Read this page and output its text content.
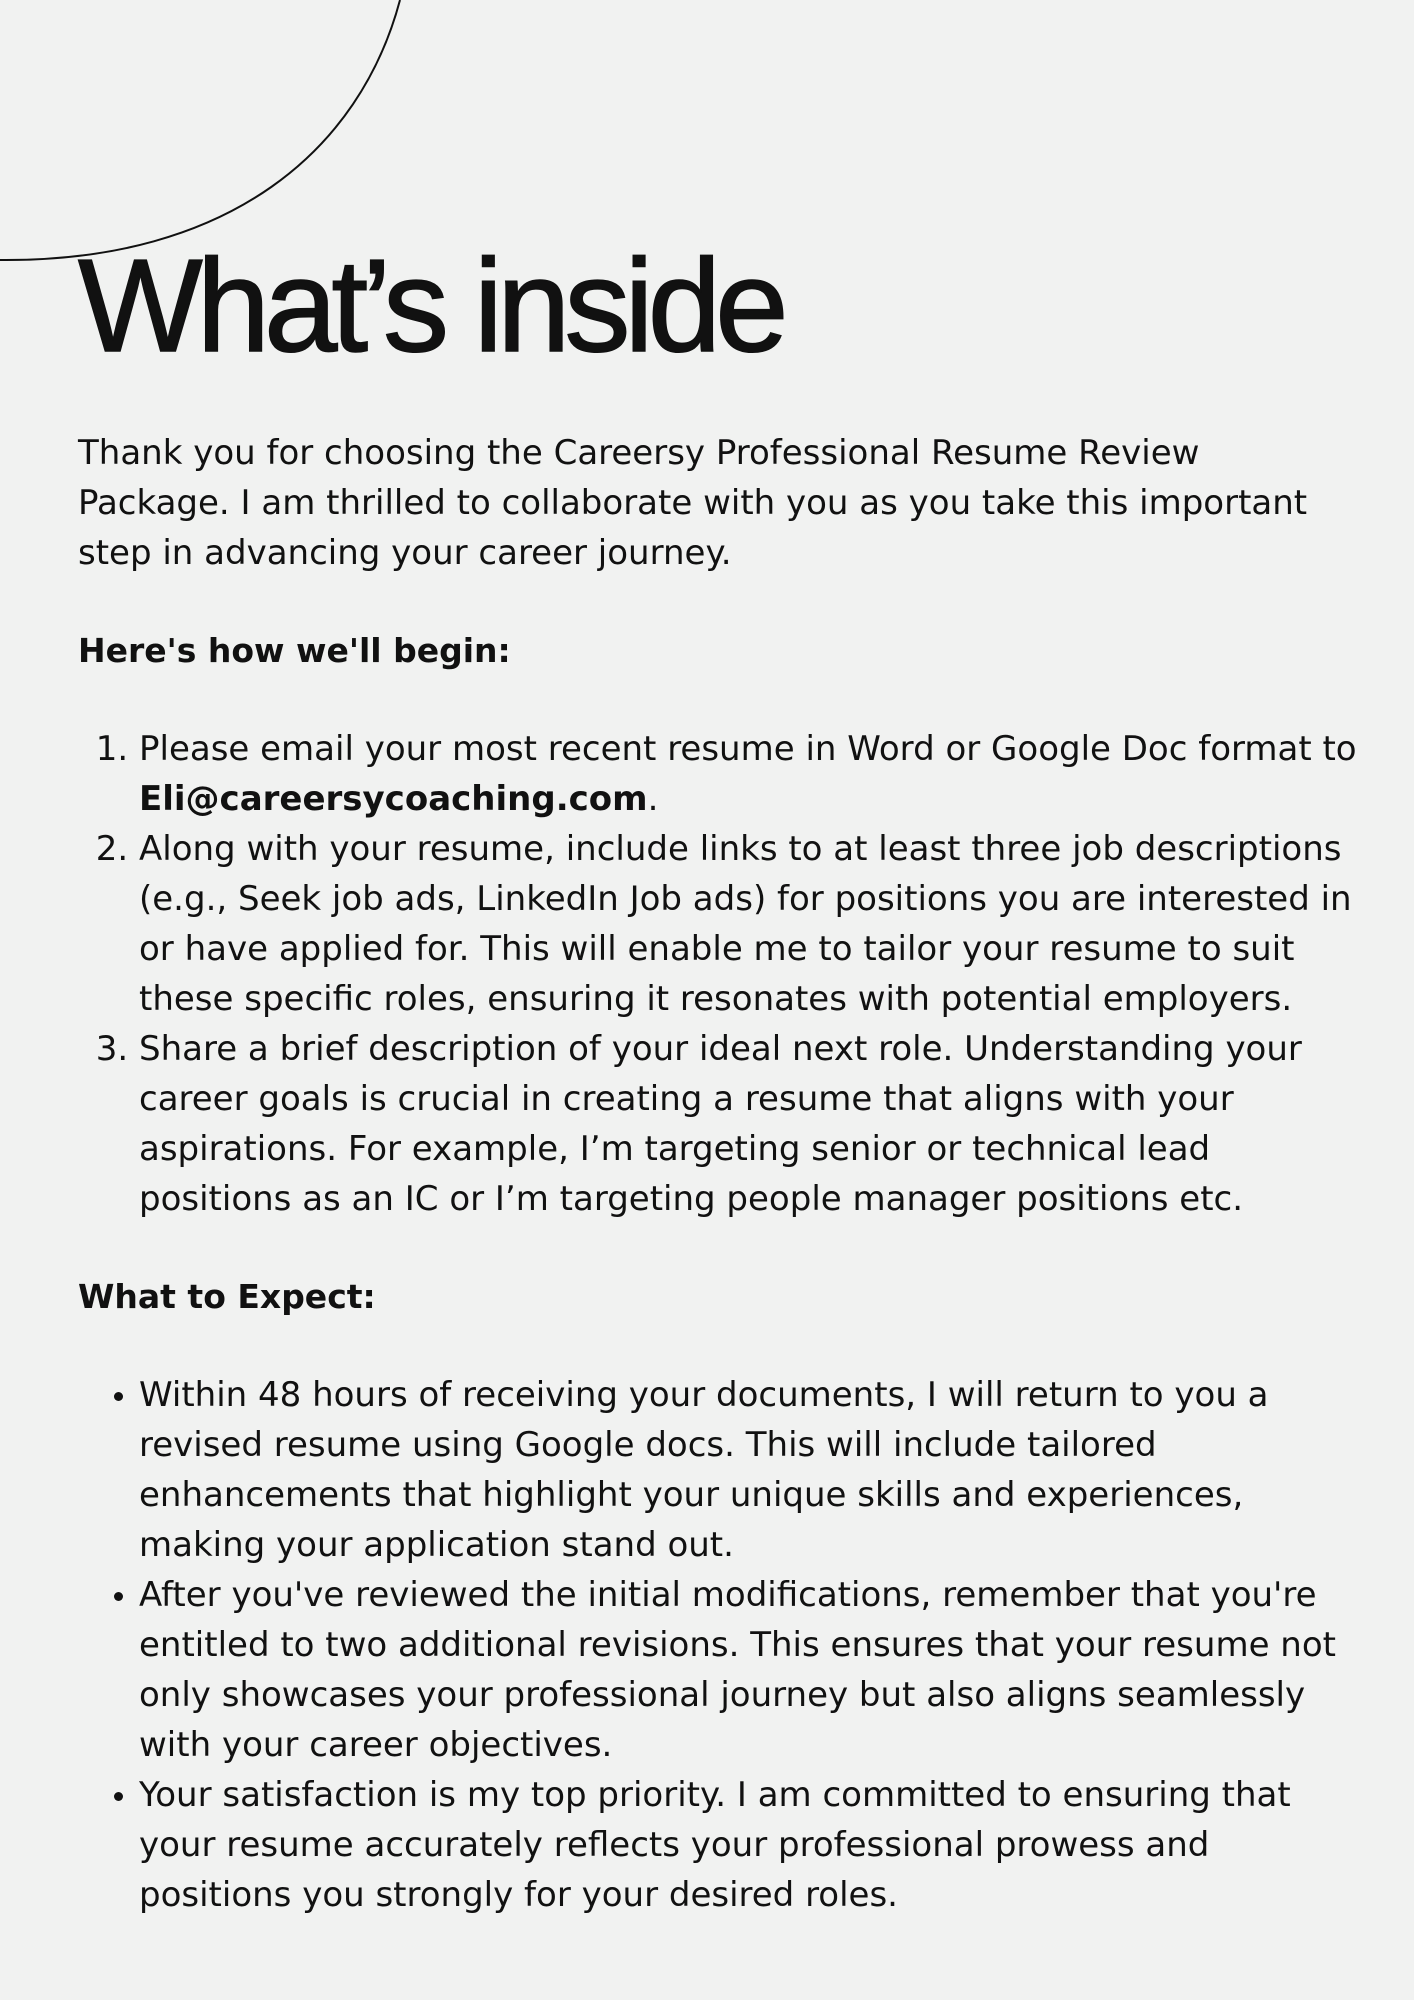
What’s inside

Thank you for choosing the Careersy Professional Resume Review Package. I am thrilled to collaborate with you as you take this important step in advancing your career journey.

Here's how we'll begin:

1. Please email your most recent resume in Word or Google Doc format to Eli@careersycoaching.com.
2. Along with your resume, include links to at least three job descriptions (e.g., Seek job ads, LinkedIn Job ads) for positions you are interested in or have applied for. This will enable me to tailor your resume to suit these specific roles, ensuring it resonates with potential employers.
3. Share a brief description of your ideal next role. Understanding your career goals is crucial in creating a resume that aligns with your aspirations. For example, I’m targeting senior or technical lead positions as an IC or I’m targeting people manager positions etc.

What to Expect:

• Within 48 hours of receiving your documents, I will return to you a revised resume using Google docs. This will include tailored enhancements that highlight your unique skills and experiences, making your application stand out.
• After you've reviewed the initial modifications, remember that you're entitled to two additional revisions. This ensures that your resume not only showcases your professional journey but also aligns seamlessly with your career objectives.
• Your satisfaction is my top priority. I am committed to ensuring that your resume accurately reflects your professional prowess and positions you strongly for your desired roles.
